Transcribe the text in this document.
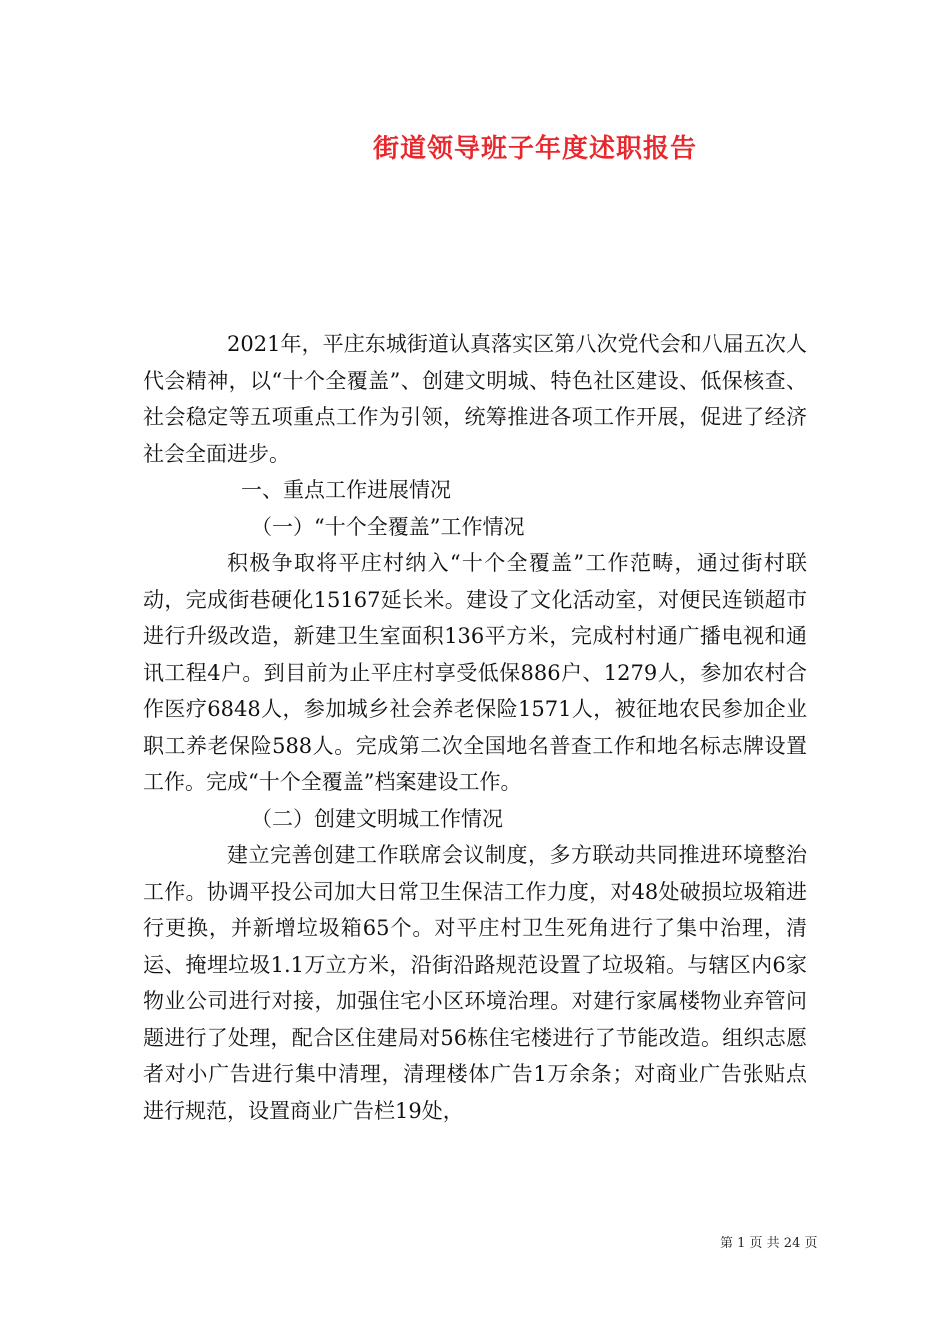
街道领导班子年度述职报告

2021年，平庄东城街道认真落实区第八次党代会和八届五次人代会精神，以“十个全覆盖”、创建文明城、特色社区建设、低保核查、社会稳定等五项重点工作为引领，统筹推进各项工作开展，促进了经济社会全面进步。

一、重点工作进展情况

（一）“十个全覆盖”工作情况

积极争取将平庄村纳入“十个全覆盖”工作范畴，通过街村联动，完成街巷硬化15167延长米。建设了文化活动室，对便民连锁超市进行升级改造，新建卫生室面积136平方米，完成村村通广播电视和通讯工程4户。到目前为止平庄村享受低保886户、1279人，参加农村合作医疗6848人，参加城乡社会养老保险1571人，被征地农民参加企业职工养老保险588人。完成第二次全国地名普查工作和地名标志牌设置工作。完成“十个全覆盖”档案建设工作。

（二）创建文明城工作情况

建立完善创建工作联席会议制度，多方联动共同推进环境整治工作。协调平投公司加大日常卫生保洁工作力度，对48处破损垃圾箱进行更换，并新增垃圾箱65个。对平庄村卫生死角进行了集中治理，清运、掩埋垃圾1.1万立方米，沿街沿路规范设置了垃圾箱。与辖区内6家物业公司进行对接，加强住宅小区环境治理。对建行家属楼物业弃管问题进行了处理，配合区住建局对56栋住宅楼进行了节能改造。组织志愿者对小广告进行集中清理，清理楼体广告1万余条；对商业广告张贴点进行规范，设置商业广告栏19处，

第 1 页 共 24 页
